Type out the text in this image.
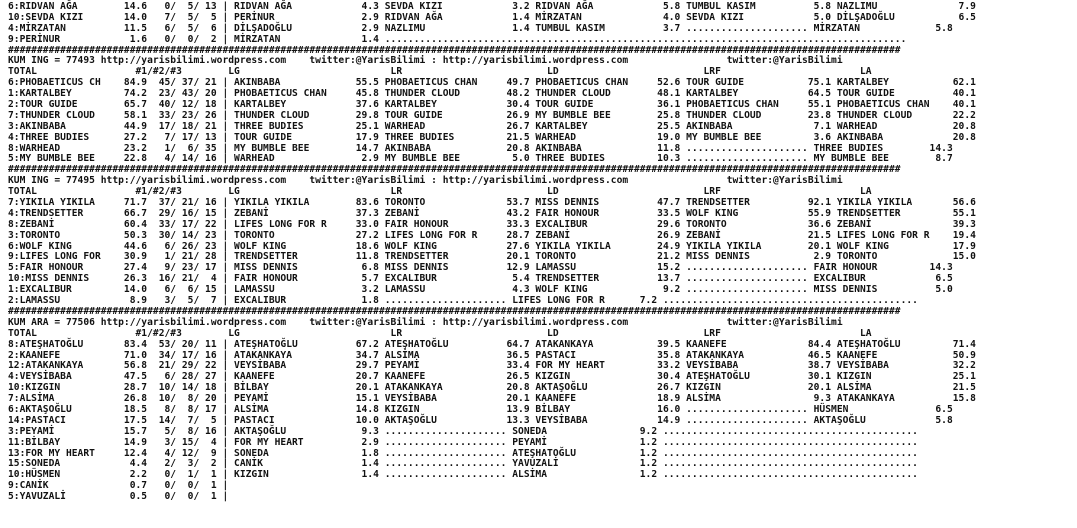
6:RIDVAN AĞA        14.6   0/  5/ 13 | RIDVAN AĞA            4.3 SEVDA KIZI            3.2 RIDVAN AĞA            5.8 TUMBUL KASIM          5.8 NAZLIMU              7.9
10:SEVDA KIZI       14.0   7/  5/  5 | PERİNUR               2.9 RIDVAN AĞA            1.4 MİRZATAN              4.0 SEVDA KIZI            5.0 DİLŞADOĞLU           6.5
4:MİRZATAN          11.5   6/  5/  6 | DİLŞADOĞLU            2.9 NAZLIMU               1.4 TUMBUL KASIM          3.7 ..................... MİRZATAN             5.8
9:PERİNUR            1.6   0/  0/  2 | MİRZATAN              1.4 ..........................................................................................
##########################################################################################################################################################
KUM ING = 77493 http://yarisbilimi.wordpress.com    twitter:@YarisBilimi : http://yarisbilimi.wordpress.com                 twitter:@YarisBilimi
TOTAL                 #1/#2/#3        LG                          LR                         LD                         LRF                        LA
6:PHOBAETICUS CH    84.9  45/ 37/ 21 | AKINBABA             55.5 PHOBAETICUS CHAN     49.7 PHOBAETICUS CHAN     52.6 TOUR GUIDE           75.1 KARTALBEY           62.1
1:KARTALBEY         74.2  23/ 43/ 20 | PHOBAETICUS CHAN     45.8 THUNDER CLOUD        48.2 THUNDER CLOUD        48.1 KARTALBEY            64.5 TOUR GUIDE          40.1
2:TOUR GUIDE        65.7  40/ 12/ 18 | KARTALBEY            37.6 KARTALBEY            30.4 TOUR GUIDE           36.1 PHOBAETICUS CHAN     55.1 PHOBAETICUS CHAN    40.1
7:THUNDER CLOUD     58.1  33/ 23/ 26 | THUNDER CLOUD        29.8 TOUR GUIDE           26.9 MY BUMBLE BEE        25.8 THUNDER CLOUD        23.8 THUNDER CLOUD       22.2
3:AKINBABA          44.9  17/ 18/ 21 | THREE BUDIES         25.1 WARHEAD              26.7 KARTALBEY            25.5 AKINBABA              7.1 WARHEAD             20.8
4:THREE BUDIES      27.2   7/ 17/ 13 | TOUR GUIDE           17.9 THREE BUDIES         21.5 WARHEAD              19.0 MY BUMBLE BEE         3.6 AKINBABA            20.8
8:WARHEAD           23.2   1/  6/ 35 | MY BUMBLE BEE        14.7 AKINBABA             20.8 AKINBABA             11.8 ..................... THREE BUDIES        14.3
5:MY BUMBLE BEE     22.8   4/ 14/ 16 | WARHEAD               2.9 MY BUMBLE BEE         5.0 THREE BUDIES         10.3 ..................... MY BUMBLE BEE        8.7
##########################################################################################################################################################
KUM ING = 77495 http://yarisbilimi.wordpress.com    twitter:@YarisBilimi : http://yarisbilimi.wordpress.com                 twitter:@YarisBilimi
TOTAL                 #1/#2/#3        LG                          LR                         LD                         LRF                        LA
7:YIKILA YIKILA     71.7  37/ 21/ 16 | YIKILA YIKILA        83.6 TORONTO              53.7 MISS DENNIS          47.7 TRENDSETTER          92.1 YIKILA YIKILA       56.6
4:TRENDSETTER       66.7  29/ 16/ 15 | ZEBANİ               37.3 ZEBANİ               43.2 FAIR HONOUR          33.5 WOLF KING            55.9 TRENDSETTER         55.1
8:ZEBANİ            60.4  33/ 17/ 22 | LIFES LONG FOR R     33.0 FAIR HONOUR          33.3 EXCALIBUR            29.6 TORONTO              36.6 ZEBANİ              39.3
3:TORONTO           50.3  30/ 14/ 23 | TORONTO              27.2 LIFES LONG FOR R     28.7 ZEBANİ               26.9 ZEBANİ               21.5 LIFES LONG FOR R    19.4
6:WOLF KING         44.6   6/ 26/ 23 | WOLF KING            18.6 WOLF KING            27.6 YIKILA YIKILA        24.9 YIKILA YIKILA        20.1 WOLF KING           17.9
9:LIFES LONG FOR    30.9   1/ 21/ 28 | TRENDSETTER          11.8 TRENDSETTER          20.1 TORONTO              21.2 MISS DENNIS           2.9 TORONTO             15.0
5:FAIR HONOUR       27.4   9/ 23/ 17 | MISS DENNIS           6.8 MISS DENNIS          12.9 LAMASSU              15.2 ..................... FAIR HONOUR         14.3
10:MISS DENNIS      26.3  16/ 21/  4 | FAIR HONOUR           5.7 EXCALIBUR             5.4 TRENDSETTER          13.7 ..................... EXCALIBUR            6.5
1:EXCALIBUR         14.0   6/  6/ 15 | LAMASSU               3.2 LAMASSU               4.3 WOLF KING             9.2 ..................... MISS DENNIS          5.0
2:LAMASSU            8.9   3/  5/  7 | EXCALIBUR             1.8 ..................... LIFES LONG FOR R      7.2 ............................................
##########################################################################################################################################################
KUM ARA = 77506 http://yarisbilimi.wordpress.com    twitter:@YarisBilimi : http://yarisbilimi.wordpress.com                 twitter:@YarisBilimi
TOTAL                 #1/#2/#3        LG                          LR                         LD                         LRF                        LA
8:ATEŞHATOĞLU       83.4  53/ 20/ 11 | ATEŞHATOĞLU          67.2 ATEŞHATOĞLU          64.7 ATAKANKAYA           39.5 KAANEFE              84.4 ATEŞHATOĞLU         71.4
2:KAANEFE           71.0  34/ 17/ 16 | ATAKANKAYA           34.7 ALSİMA               36.5 PASTACI              35.8 ATAKANKAYA           46.5 KAANEFE             50.9
12:ATAKANKAYA       56.8  21/ 29/ 22 | VEYSİBABA            29.7 PEYAMİ               33.4 FOR MY HEART         33.2 VEYSİBABA            38.7 VEYSİBABA           32.2
4:VEYSİBABA         47.5   6/ 28/ 27 | KAANEFE              20.7 KAANEFE              26.5 KIZGIN               30.4 ATEŞHATOĞLU          30.1 KIZGIN              25.1
10:KIZGIN           28.7  10/ 14/ 18 | BİLBAY               20.1 ATAKANKAYA           20.8 AKTAŞOĞLU            26.7 KIZGIN               20.1 ALSİMA              21.5
7:ALSİMA            26.8  10/  8/ 20 | PEYAMİ               15.1 VEYSİBABA            20.1 KAANEFE              18.9 ALSİMA                9.3 ATAKANKAYA          15.8
6:AKTAŞOĞLU         18.5   8/  8/ 17 | ALSİMA               14.8 KIZGIN               13.9 BİLBAY               16.0 ..................... HÜSMEN               6.5
14:PASTACI          17.5  14/  7/  5 | PASTACI              10.0 AKTAŞOĞLU            13.3 VEYSİBABA            14.9 ..................... AKTAŞOĞLU            5.8
3:PEYAMİ            15.7   5/  8/ 16 | AKTAŞOĞLU             9.3 ..................... SONEDA                9.2 ............................................
11:BİLBAY           14.9   3/ 15/  4 | FOR MY HEART          2.9 ..................... PEYAMİ                1.2 ............................................
13:FOR MY HEART     12.4   4/ 12/  9 | SONEDA                1.8 ..................... ATEŞHATOĞLU           1.2 ............................................
15:SONEDA            4.4   2/  3/  2 | CANİK                 1.4 ..................... YAVUZALİ              1.2 ............................................
10:HÜSMEN            2.2   0/  1/  1 | KIZGIN                1.4 ..................... ALSİMA                1.2 ............................................
9:CANİK              0.7   0/  0/  1 |
5:YAVUZALİ           0.5   0/  0/  1 |
